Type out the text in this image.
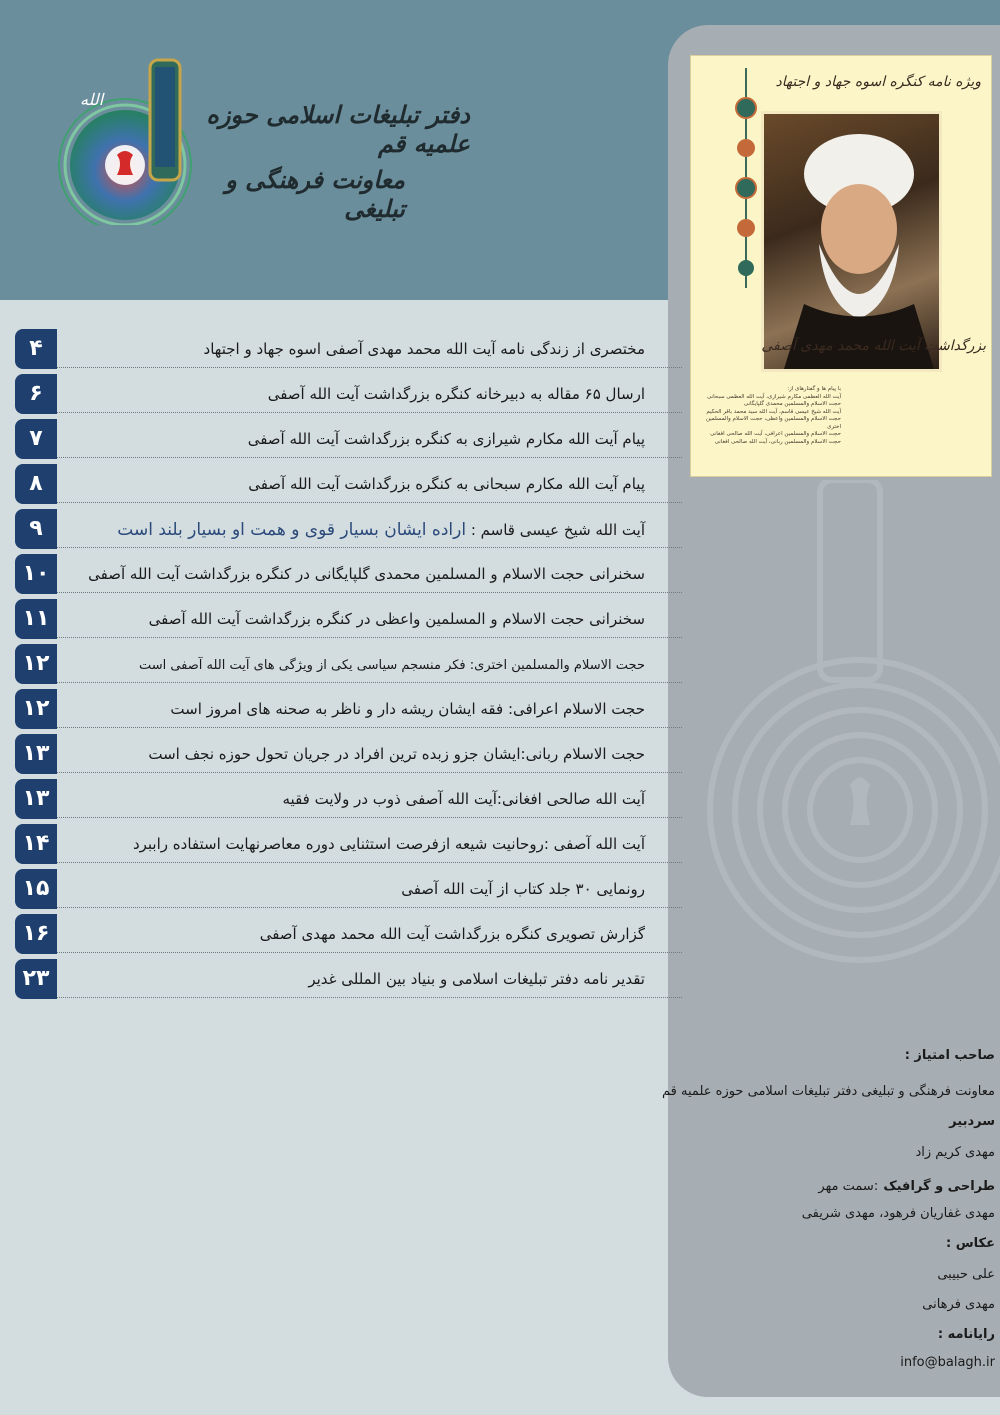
الله
دفتر تبلیغات اسلامی حوزه علمیه قم
معاونت فرهنگی و تبلیغی
ویژه نامه کنگره اسوه جهاد و اجتهاد
بزرگداشت آیت الله محمد مهدی آصفی
با پیام ها و گفتارهای از:
آیت الله العظمی مکارم شیرازی، آیت الله العظمی سبحانی
حجت الاسلام والمسلمین محمدی گلپایگانی
آیت الله شیخ عیسی قاسم، آیت الله سید محمد باقر الحکیم
حجت الاسلام والمسلمین واعظی، حجت الاسلام والمسلمین اختری
حجت الاسلام والمسلمین اعرافی، آیت الله صالحی افغانی
حجت الاسلام والمسلمین ربانی، آیت الله صالحی افغانی
۴	مختصری از زندگی نامه آیت الله محمد مهدی آصفی اسوه جهاد و اجتهاد
۶	ارسال ۶۵ مقاله به دبیرخانه کنگره بزرگداشت آیت الله آصفی
۷	پیام آیت الله مکارم شیرازی به کنگره بزرگداشت آیت الله آصفی
۸	پیام آیت الله مکارم سبحانی به کنگره بزرگداشت آیت الله آصفی
۹	آیت الله شیخ عیسی قاسم : اراده ایشان بسیار قوی و همت او بسیار بلند است
۱۰	سخنرانی حجت الاسلام و المسلمین محمدی گلپایگانی در کنگره بزرگداشت آیت الله آصفی
۱۱	سخنرانی حجت الاسلام و المسلمین واعظی در کنگره بزرگداشت آیت الله آصفی
۱۲	حجت الاسلام والمسلمین اختری: فکر منسجم سیاسی یکی از ویژگی های آیت الله آصفی است
۱۲	حجت الاسلام اعرافی: فقه ایشان ریشه دار و ناظر به صحنه های امروز است
۱۳	حجت الاسلام ربانی:ایشان جزو زبده ترین افراد در جریان تحول حوزه نجف است
۱۳	آیت الله صالحی افغانی:آیت الله آصفی ذوب در ولایت فقیه
۱۴	آیت الله آصفی :روحانیت شیعه ازفرصت استثنایی دوره معاصرنهایت استفاده راببرد
۱۵	رونمایی ۳۰ جلد کتاب از آیت الله آصفی
۱۶	گزارش تصویری کنگره بزرگداشت آیت الله محمد مهدی آصفی
۲۳	تقدیر نامه دفتر تبلیغات اسلامی و بنیاد بین المللی غدیر
صاحب امتیاز :
معاونت فرهنگی و تبلیغی دفتر تبلیغات اسلامی حوزه علمیه قم
سردبیر
مهدی کریم زاد
طراحی و گرافیک :سمت مهر
مهدی غفاریان فرهود، مهدی شریفی
عکاس :
علی حبیبی
مهدی فرهانی
رایانامه :
info@balagh.ir
